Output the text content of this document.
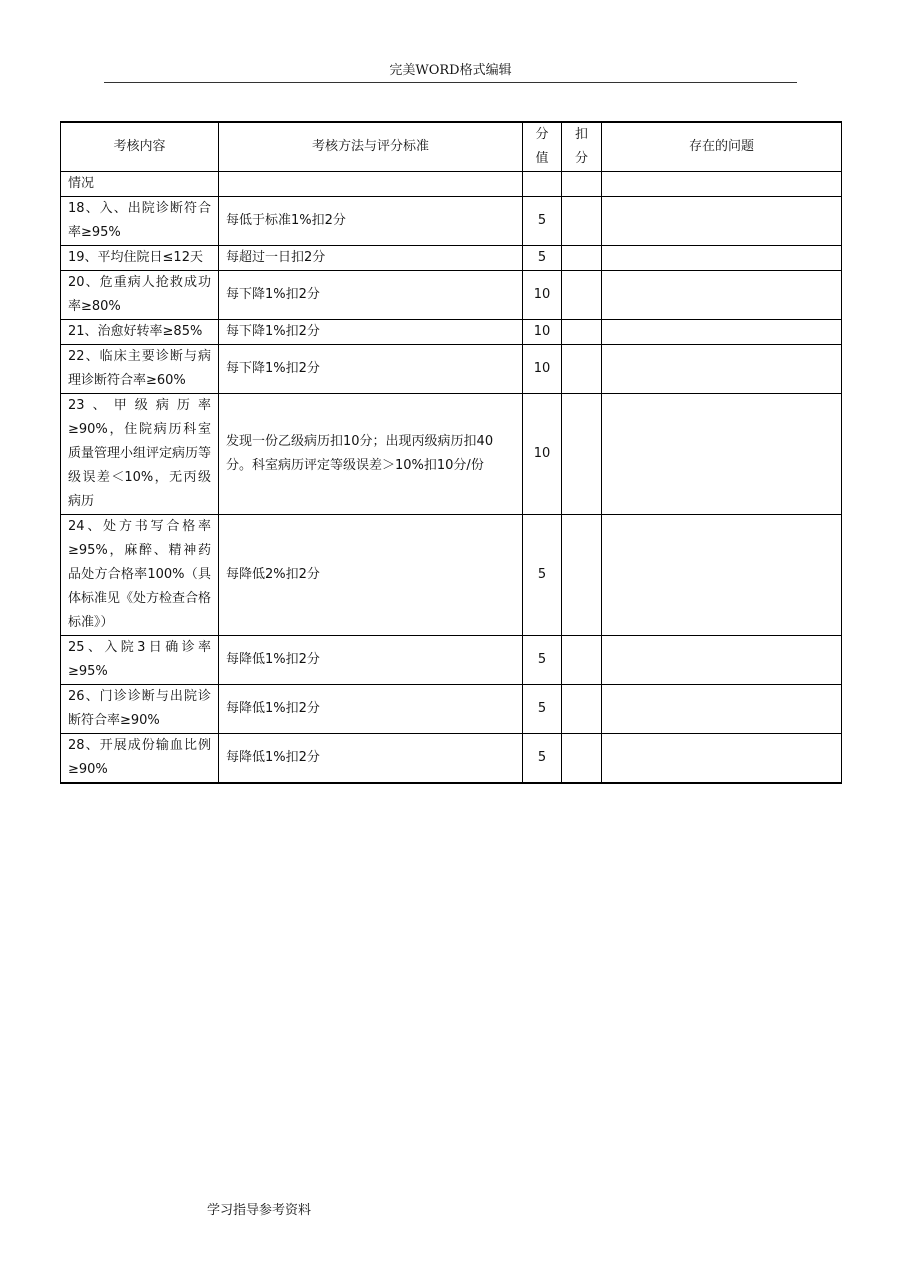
完美WORD格式编辑
考核内容	考核方法与评分标准	分值	扣分	存在的问题
情况				
18、入、出院诊断符合率≥95%	每低于标准1%扣2分	5		
19、平均住院日≤12天	每超过一日扣2分	5		
20、危重病人抢救成功率≥80%	每下降1%扣2分	10		
21、治愈好转率≥85%	每下降1%扣2分	10		
22、临床主要诊断与病理诊断符合率≥60%	每下降1%扣2分	10		
23、甲级病历率≥90%，住院病历科室质量管理小组评定病历等级误差＜10%，无丙级病历	发现一份乙级病历扣10分；出现丙级病历扣40分。科室病历评定等级误差＞10%扣10分/份	10		
24、处方书写合格率≥95%，麻醉、精神药品处方合格率100%（具体标准见《处方检查合格标准》）	每降低2%扣2分	5		
25、入院3日确诊率≥95%	每降低1%扣2分	5		
26、门诊诊断与出院诊断符合率≥90%	每降低1%扣2分	5		
28、开展成份输血比例≥90%	每降低1%扣2分	5		
学习指导参考资料
